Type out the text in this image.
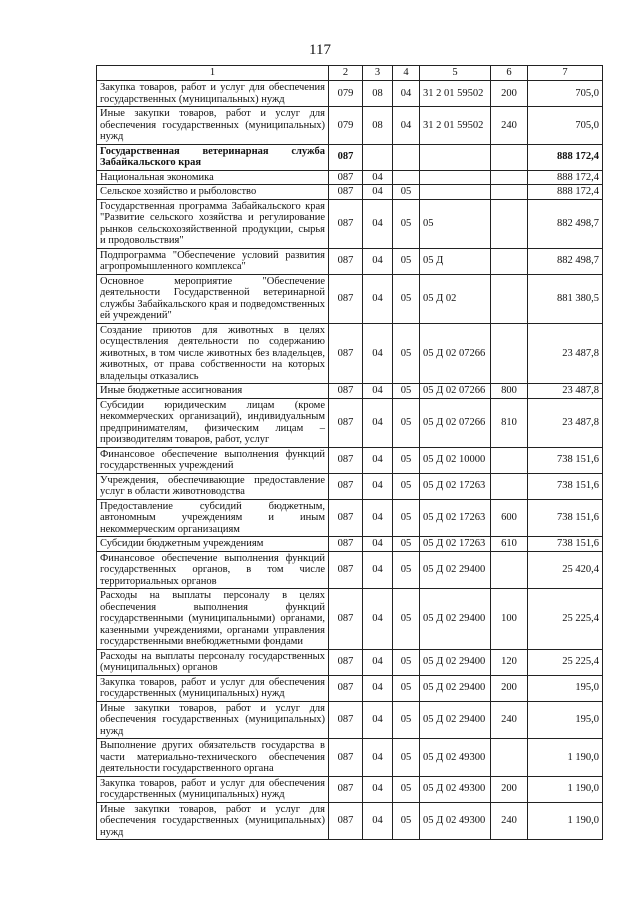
117
1	2	3	4	5	6	7
Закупка товаров, работ и услуг для обеспечения государственных (муниципальных) нужд	079	08	04	31 2 01 59502	200	705,0
Иные закупки товаров, работ и услуг для обеспечения государственных (муниципальных) нужд	079	08	04	31 2 01 59502	240	705,0
Государственная ветеринарная служба Забайкальского края	087					888 172,4
Национальная экономика	087	04				888 172,4
Сельское хозяйство и рыболовство	087	04	05			888 172,4
Государственная программа Забайкальского края "Развитие сельского хозяйства и регулирование рынков сельскохозяйственной продукции, сырья и продовольствия"	087	04	05	05		882 498,7
Подпрограмма "Обеспечение условий развития агропромышленного комплекса"	087	04	05	05 Д		882 498,7
Основное мероприятие "Обеспечение деятельности Государственной ветеринарной службы Забайкальского края и подведомственных ей учреждений"	087	04	05	05 Д 02		881 380,5
Создание приютов для животных в целях осуществления деятельности по содержанию животных, в том числе животных без владельцев, животных, от права собственности на которых владельцы отказались	087	04	05	05 Д 02 07266		23 487,8
Иные бюджетные ассигнования	087	04	05	05 Д 02 07266	800	23 487,8
Субсидии юридическим лицам (кроме некоммерческих организаций), индивидуальным предпринимателям, физическим лицам – производителям товаров, работ, услуг	087	04	05	05 Д 02 07266	810	23 487,8
Финансовое обеспечение выполнения функций государственных учреждений	087	04	05	05 Д 02 10000		738 151,6
Учреждения, обеспечивающие предоставление услуг в области животноводства	087	04	05	05 Д 02 17263		738 151,6
Предоставление субсидий бюджетным, автономным учреждениям и иным некоммерческим организациям	087	04	05	05 Д 02 17263	600	738 151,6
Субсидии бюджетным учреждениям	087	04	05	05 Д 02 17263	610	738 151,6
Финансовое обеспечение выполнения функций государственных органов, в том числе территориальных органов	087	04	05	05 Д 02 29400		25 420,4
Расходы на выплаты персоналу в целях обеспечения выполнения функций государственными (муниципальными) органами, казенными учреждениями, органами управления государственными внебюджетными фондами	087	04	05	05 Д 02 29400	100	25 225,4
Расходы на выплаты персоналу государственных (муниципальных) органов	087	04	05	05 Д 02 29400	120	25 225,4
Закупка товаров, работ и услуг для обеспечения государственных (муниципальных) нужд	087	04	05	05 Д 02 29400	200	195,0
Иные закупки товаров, работ и услуг для обеспечения государственных (муниципальных) нужд	087	04	05	05 Д 02 29400	240	195,0
Выполнение других обязательств государства в части материально-технического обеспечения деятельности государственного органа	087	04	05	05 Д 02 49300		1 190,0
Закупка товаров, работ и услуг для обеспечения государственных (муниципальных) нужд	087	04	05	05 Д 02 49300	200	1 190,0
Иные закупки товаров, работ и услуг для обеспечения государственных (муниципальных) нужд	087	04	05	05 Д 02 49300	240	1 190,0
